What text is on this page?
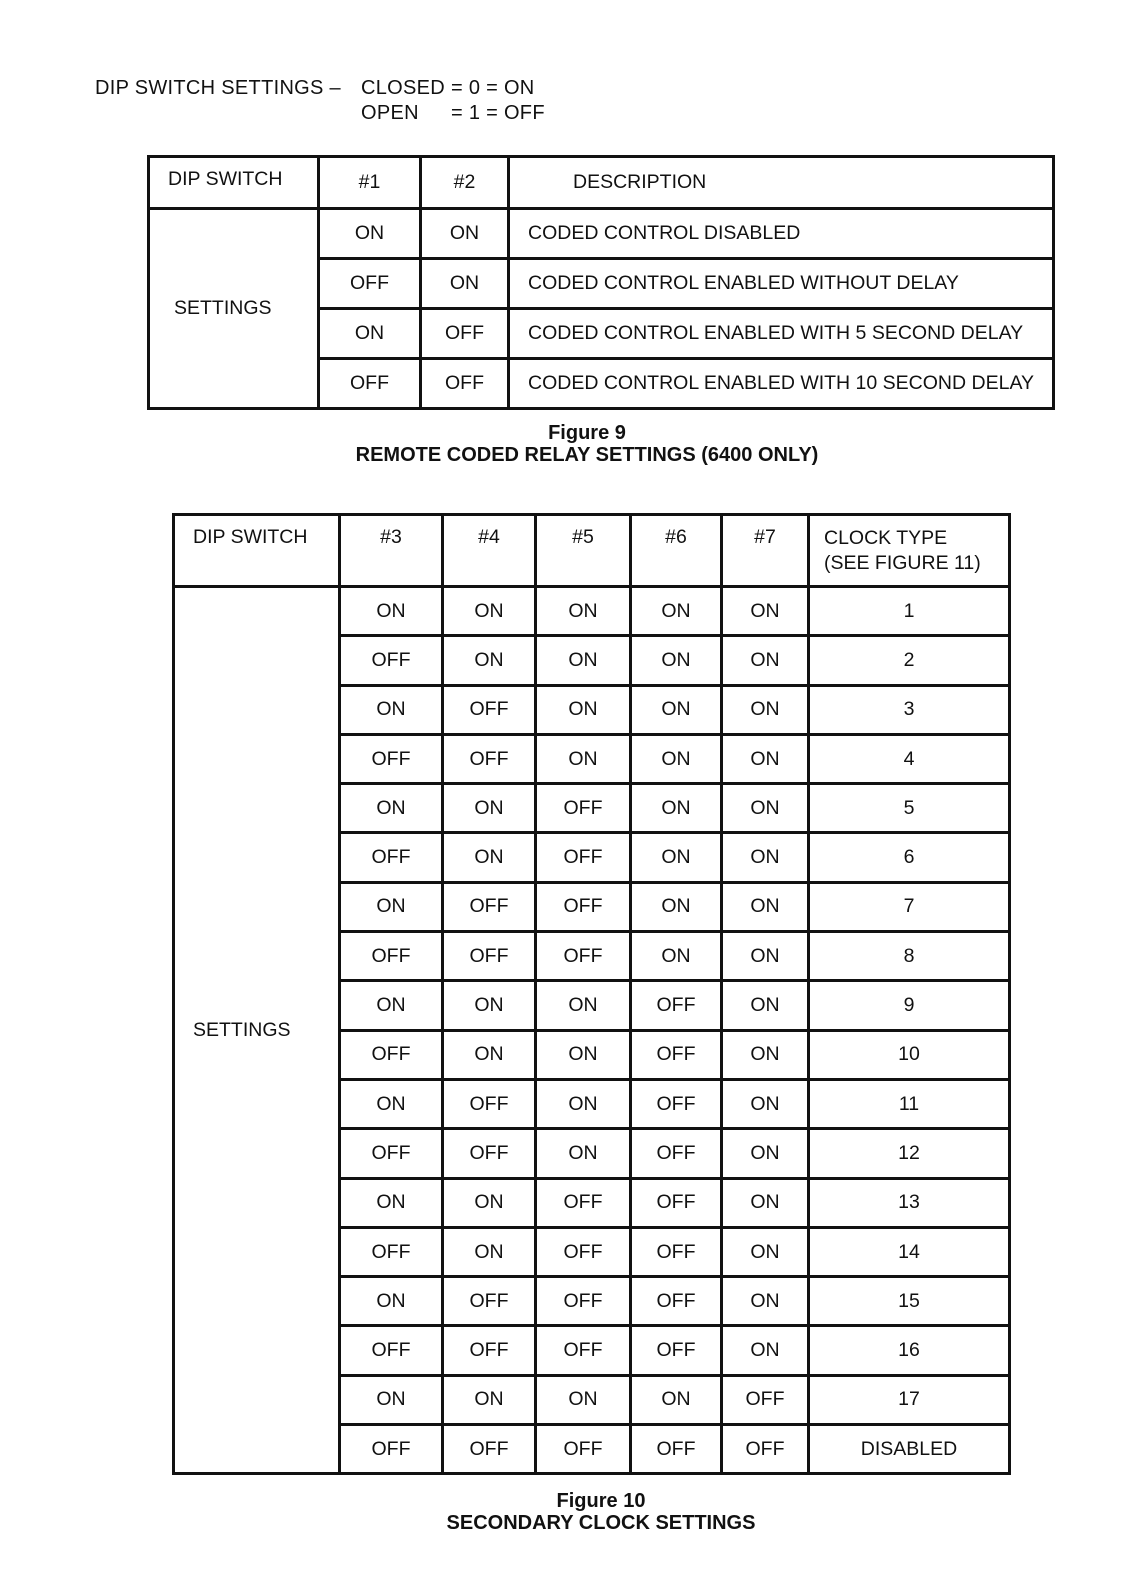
DIP SWITCH SETTINGS –	CLOSED = 0 = ON
OPEN	= 1 = OFF
DIP SWITCH	#1	#2	DESCRIPTION
SETTINGS	ON	ON	CODED CONTROL DISABLED
	OFF	ON	CODED CONTROL ENABLED WITHOUT DELAY
	ON	OFF	CODED CONTROL ENABLED WITH 5 SECOND DELAY
	OFF	OFF	CODED CONTROL ENABLED WITH 10 SECOND DELAY
Figure 9
REMOTE CODED RELAY SETTINGS (6400 ONLY)
DIP SWITCH	#3	#4	#5	#6	#7	CLOCK TYPE
(SEE FIGURE 11)

SETTINGS	ON	ON	ON	ON	ON	1
	OFF	ON	ON	ON	ON	2
	ON	OFF	ON	ON	ON	3
	OFF	OFF	ON	ON	ON	4
	ON	ON	OFF	ON	ON	5
	OFF	ON	OFF	ON	ON	6
	ON	OFF	OFF	ON	ON	7
	OFF	OFF	OFF	ON	ON	8
	ON	ON	ON	OFF	ON	9
	OFF	ON	ON	OFF	ON	10
	ON	OFF	ON	OFF	ON	11
	OFF	OFF	ON	OFF	ON	12
	ON	ON	OFF	OFF	ON	13
	OFF	ON	OFF	OFF	ON	14
	ON	OFF	OFF	OFF	ON	15
	OFF	OFF	OFF	OFF	ON	16
	ON	ON	ON	ON	OFF	17
	OFF	OFF	OFF	OFF	OFF	DISABLED
Figure 10
SECONDARY CLOCK SETTINGS
